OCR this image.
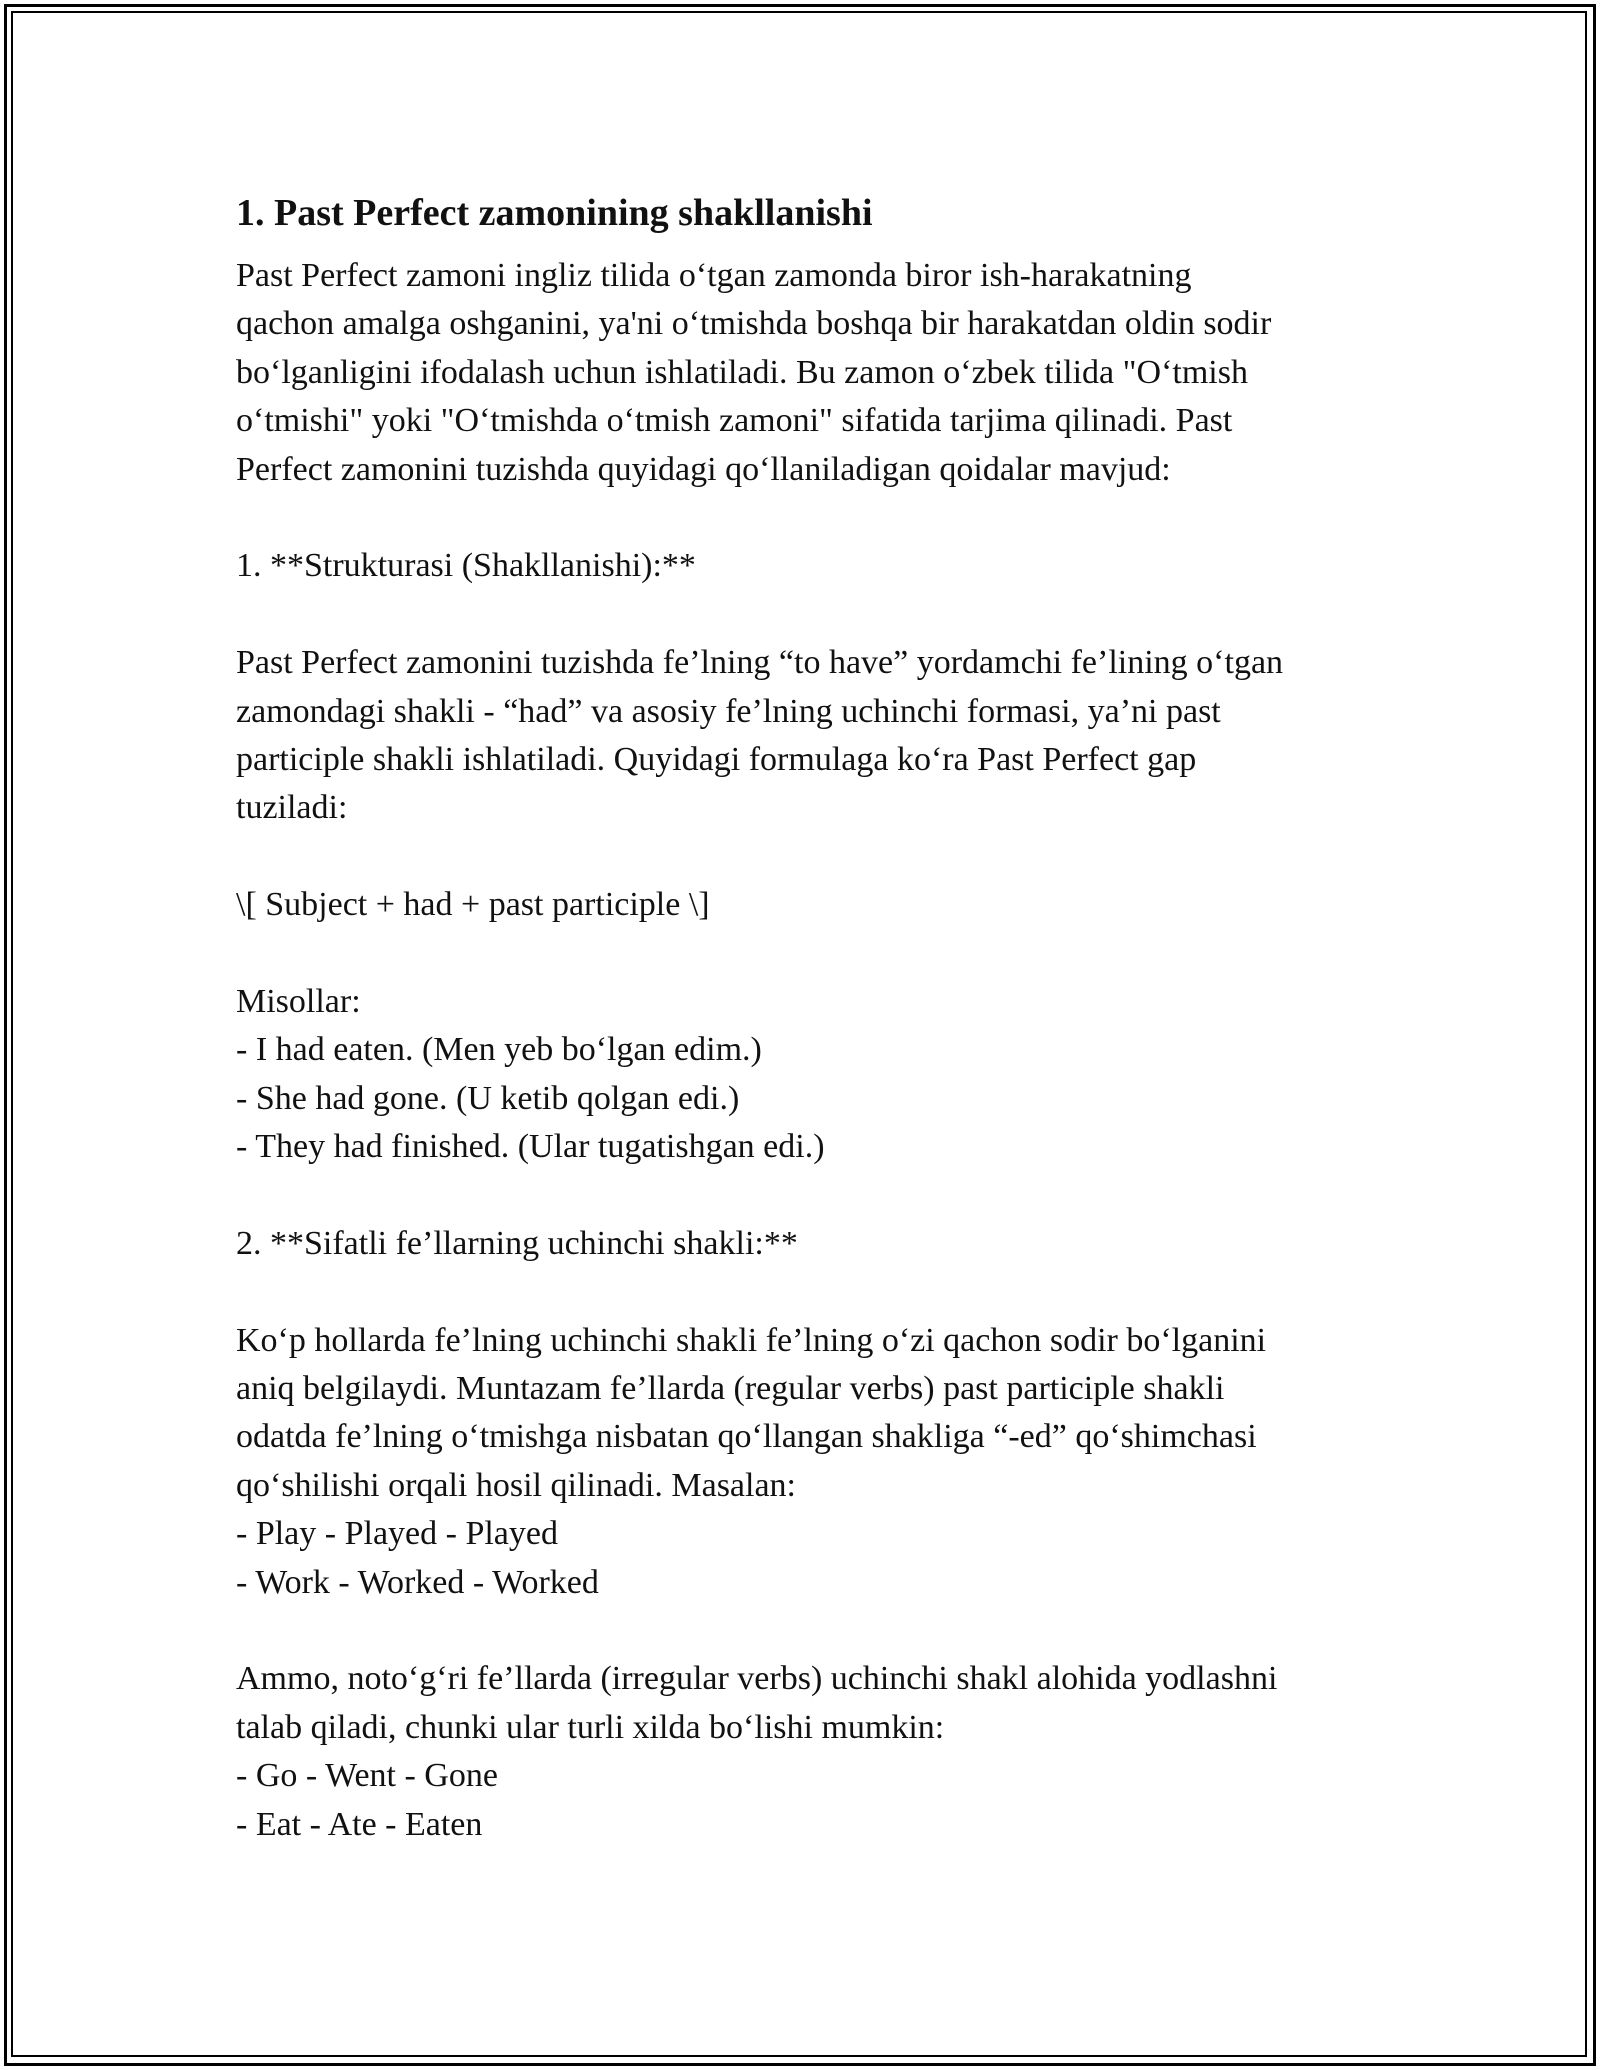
1. Past Perfect zamonining shakllanishi
Past Perfect zamoni ingliz tilida o‘tgan zamonda biror ish-harakatning
qachon amalga oshganini, ya'ni o‘tmishda boshqa bir harakatdan oldin sodir
bo‘lganligini ifodalash uchun ishlatiladi. Bu zamon o‘zbek tilida "O‘tmish
o‘tmishi" yoki "O‘tmishda o‘tmish zamoni" sifatida tarjima qilinadi. Past
Perfect zamonini tuzishda quyidagi qo‘llaniladigan qoidalar mavjud:
1. **Strukturasi (Shakllanishi):**
Past Perfect zamonini tuzishda fe’lning “to have” yordamchi fe’lining o‘tgan
zamondagi shakli - “had” va asosiy fe’lning uchinchi formasi, ya’ni past
participle shakli ishlatiladi. Quyidagi formulaga ko‘ra Past Perfect gap
tuziladi:
\[ Subject + had + past participle \]
Misollar:
- I had eaten. (Men yeb bo‘lgan edim.)
- She had gone. (U ketib qolgan edi.)
- They had finished. (Ular tugatishgan edi.)
2. **Sifatli fe’llarning uchinchi shakli:**
Ko‘p hollarda fe’lning uchinchi shakli fe’lning o‘zi qachon sodir bo‘lganini
aniq belgilaydi. Muntazam fe’llarda (regular verbs) past participle shakli
odatda fe’lning o‘tmishga nisbatan qo‘llangan shakliga “-ed” qo‘shimchasi
qo‘shilishi orqali hosil qilinadi. Masalan:
- Play - Played - Played
- Work - Worked - Worked
Ammo, noto‘g‘ri fe’llarda (irregular verbs) uchinchi shakl alohida yodlashni
talab qiladi, chunki ular turli xilda bo‘lishi mumkin:
- Go - Went - Gone
- Eat - Ate - Eaten
